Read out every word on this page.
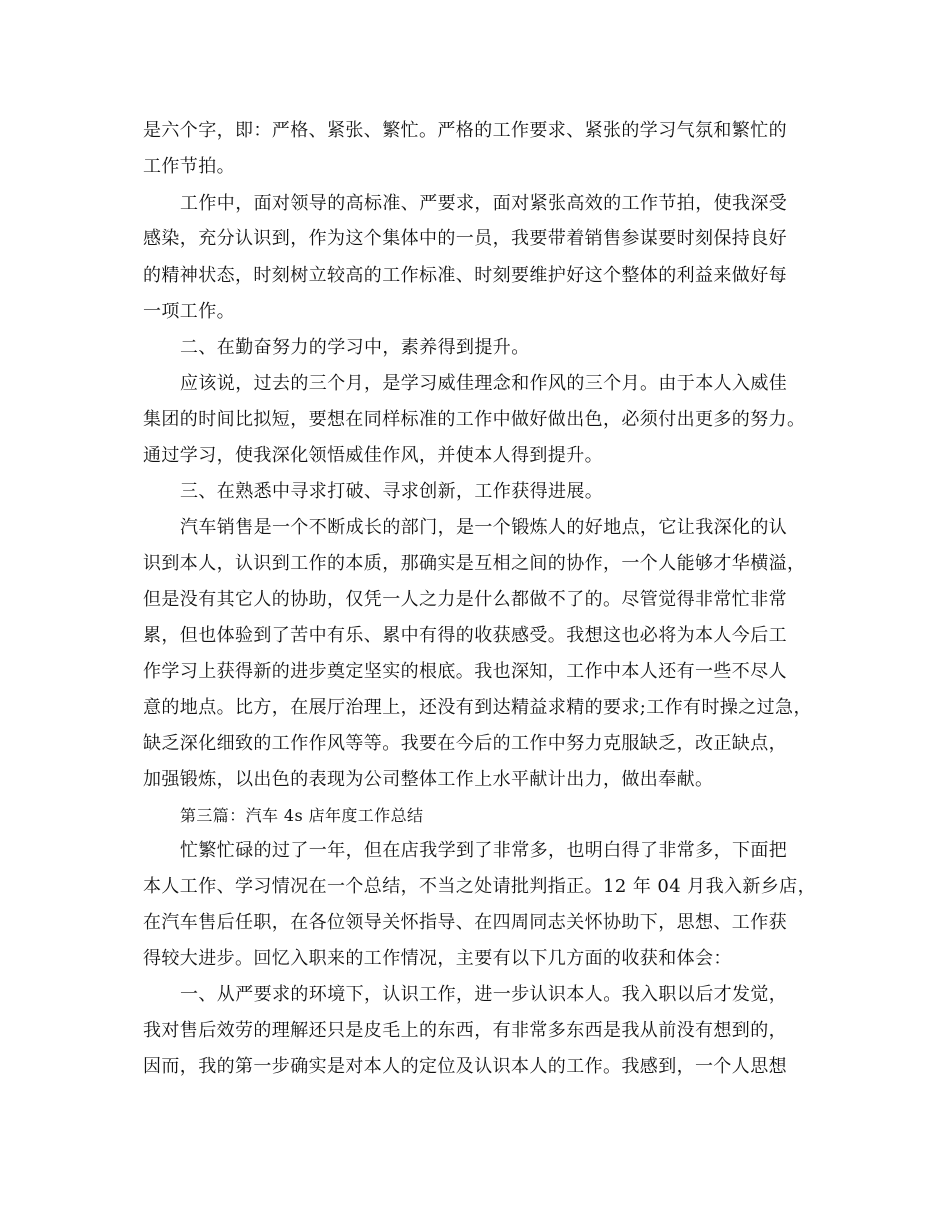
是六个字，即：严格、紧张、繁忙。严格的工作要求、紧张的学习气氛和繁忙的
工作节拍。
工作中，面对领导的高标准、严要求，面对紧张高效的工作节拍，使我深受
感染，充分认识到，作为这个集体中的一员，我要带着销售参谋要时刻保持良好
的精神状态，时刻树立较高的工作标准、时刻要维护好这个整体的利益来做好每
一项工作。
二、在勤奋努力的学习中，素养得到提升。
应该说，过去的三个月，是学习威佳理念和作风的三个月。由于本人入威佳
集团的时间比拟短，要想在同样标准的工作中做好做出色，必须付出更多的努力。
通过学习，使我深化领悟威佳作风，并使本人得到提升。
三、在熟悉中寻求打破、寻求创新，工作获得进展。
汽车销售是一个不断成长的部门，是一个锻炼人的好地点，它让我深化的认
识到本人，认识到工作的本质，那确实是互相之间的协作，一个人能够才华横溢，
但是没有其它人的协助，仅凭一人之力是什么都做不了的。尽管觉得非常忙非常
累，但也体验到了苦中有乐、累中有得的收获感受。我想这也必将为本人今后工
作学习上获得新的进步奠定坚实的根底。我也深知，工作中本人还有一些不尽人
意的地点。比方，在展厅治理上，还没有到达精益求精的要求;工作有时操之过急，
缺乏深化细致的工作作风等等。我要在今后的工作中努力克服缺乏，改正缺点，
加强锻炼，以出色的表现为公司整体工作上水平献计出力，做出奉献。
第三篇：汽车 4s 店年度工作总结
忙繁忙碌的过了一年，但在店我学到了非常多，也明白得了非常多，下面把
本人工作、学习情况在一个总结，不当之处请批判指正。12 年 04 月我入新乡店，
在汽车售后任职，在各位领导关怀指导、在四周同志关怀协助下，思想、工作获
得较大进步。回忆入职来的工作情况，主要有以下几方面的收获和体会：
一、从严要求的环境下，认识工作，进一步认识本人。我入职以后才发觉，
我对售后效劳的理解还只是皮毛上的东西，有非常多东西是我从前没有想到的，
因而，我的第一步确实是对本人的定位及认识本人的工作。我感到，一个人思想
